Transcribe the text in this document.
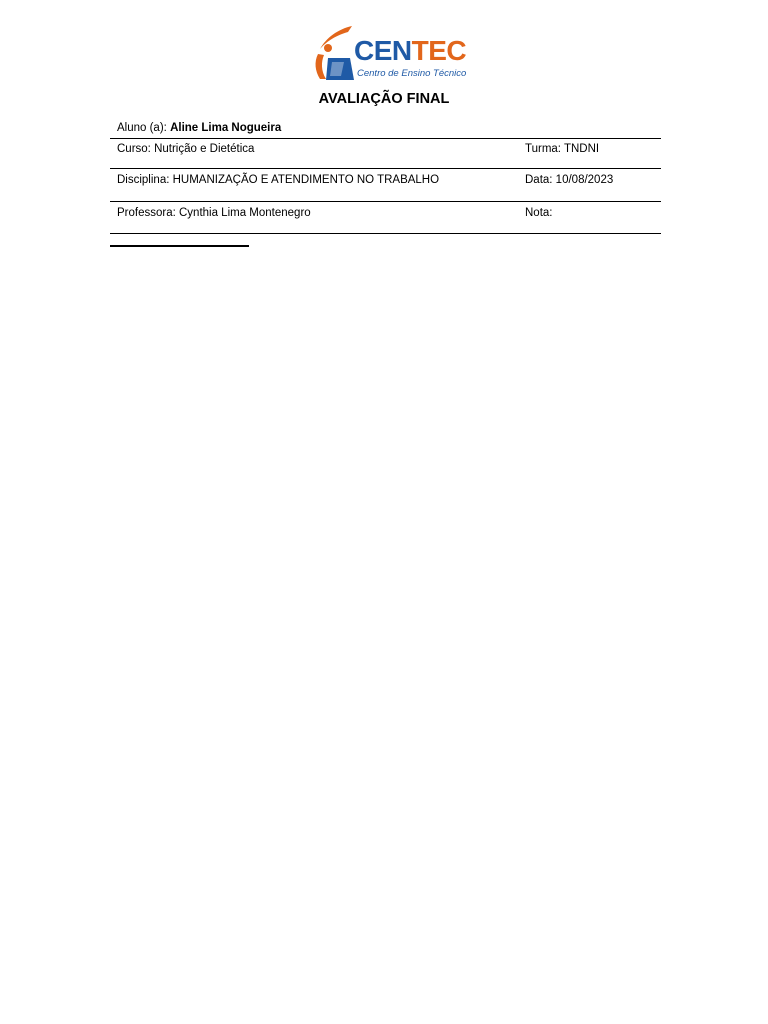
CENTEC
Centro de Ensino Técnico
AVALIAÇÃO FINAL
Aluno (a): Aline Lima Nogueira
Curso: Nutrição e Dietética	Turma: TNDNI
Disciplina: HUMANIZAÇÃO E ATENDIMENTO NO TRABALHO	Data: 10/08/2023
Professora: Cynthia Lima Montenegro	Nota:
